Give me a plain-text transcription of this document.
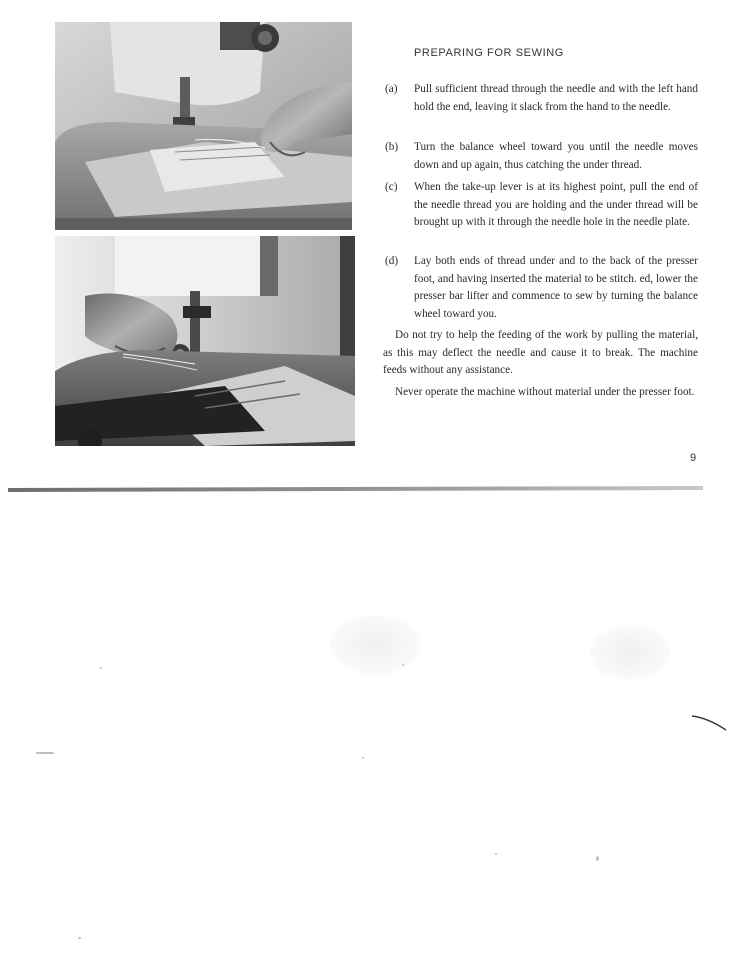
PREPARING FOR SEWING
(a) Pull sufficient thread through the needle and with the left hand hold the end, leaving it slack from the hand to the needle.
(b) Turn the balance wheel toward you until the needle moves down and up again, thus catching the under thread.
(c) When the take-up lever is at its highest point, pull the end of the needle thread you are holding and the under thread will be brought up with it through the needle hole in the needle plate.
(d) Lay both ends of thread under and to the back of the presser foot, and having inserted the material to be stitch. ed, lower the presser bar lifter and commence to sew by turning the balance wheel toward you.
Do not try to help the feeding of the work by pulling the material, as this may deflect the needle and cause it to break. The machine feeds without any assistance.
Never operate the machine without material under the presser foot.
9
